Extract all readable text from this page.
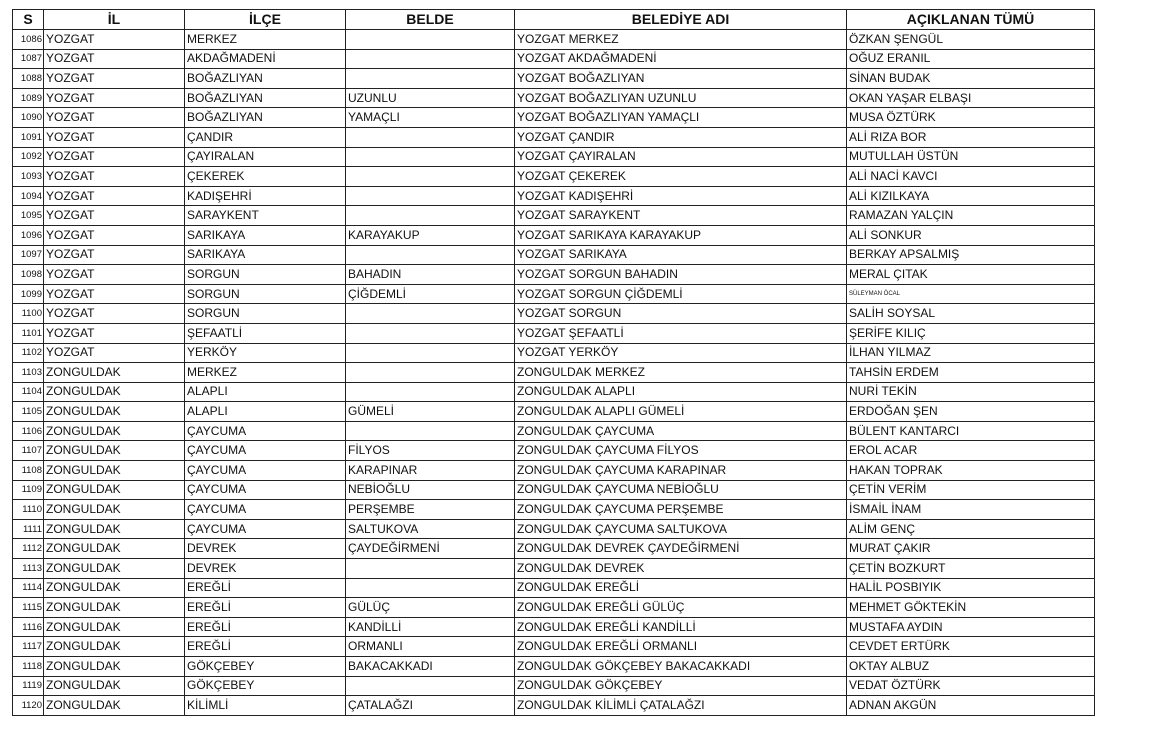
S	İL	İLÇE	BELDE	BELEDİYE ADI	AÇIKLANAN TÜMÜ
1086	YOZGAT	MERKEZ		YOZGAT MERKEZ	ÖZKAN ŞENGÜL
1087	YOZGAT	AKDAĞMADENİ		YOZGAT AKDAĞMADENİ	OĞUZ ERANIL
1088	YOZGAT	BOĞAZLIYAN		YOZGAT BOĞAZLIYAN	SİNAN BUDAK
1089	YOZGAT	BOĞAZLIYAN	UZUNLU	YOZGAT BOĞAZLIYAN UZUNLU	OKAN YAŞAR ELBAŞI
1090	YOZGAT	BOĞAZLIYAN	YAMAÇLI	YOZGAT BOĞAZLIYAN YAMAÇLI	MUSA ÖZTÜRK
1091	YOZGAT	ÇANDIR		YOZGAT ÇANDIR	ALİ RIZA BOR
1092	YOZGAT	ÇAYIRALAN		YOZGAT ÇAYIRALAN	MUTULLAH ÜSTÜN
1093	YOZGAT	ÇEKEREK		YOZGAT ÇEKEREK	ALİ NACİ KAVCI
1094	YOZGAT	KADIŞEHRİ		YOZGAT KADIŞEHRİ	ALİ KIZILKAYA
1095	YOZGAT	SARAYKENT		YOZGAT SARAYKENT	RAMAZAN YALÇIN
1096	YOZGAT	SARIKAYA	KARAYAKUP	YOZGAT SARIKAYA KARAYAKUP	ALİ SONKUR
1097	YOZGAT	SARIKAYA		YOZGAT SARIKAYA	BERKAY APSALMIŞ
1098	YOZGAT	SORGUN	BAHADIN	YOZGAT SORGUN BAHADIN	MERAL ÇITAK
1099	YOZGAT	SORGUN	ÇİĞDEMLİ	YOZGAT SORGUN ÇİĞDEMLİ	SÜLEYMAN ÖCAL
1100	YOZGAT	SORGUN		YOZGAT SORGUN	SALİH SOYSAL
1101	YOZGAT	ŞEFAATLİ		YOZGAT ŞEFAATLİ	ŞERİFE KILIÇ
1102	YOZGAT	YERKÖY		YOZGAT YERKÖY	İLHAN YILMAZ
1103	ZONGULDAK	MERKEZ		ZONGULDAK MERKEZ	TAHSİN ERDEM
1104	ZONGULDAK	ALAPLI		ZONGULDAK ALAPLI	NURİ TEKİN
1105	ZONGULDAK	ALAPLI	GÜMELİ	ZONGULDAK ALAPLI GÜMELİ	ERDOĞAN ŞEN
1106	ZONGULDAK	ÇAYCUMA		ZONGULDAK ÇAYCUMA	BÜLENT KANTARCI
1107	ZONGULDAK	ÇAYCUMA	FİLYOS	ZONGULDAK ÇAYCUMA FİLYOS	EROL ACAR
1108	ZONGULDAK	ÇAYCUMA	KARAPINAR	ZONGULDAK ÇAYCUMA KARAPINAR	HAKAN TOPRAK
1109	ZONGULDAK	ÇAYCUMA	NEBİOĞLU	ZONGULDAK ÇAYCUMA NEBİOĞLU	ÇETİN VERİM
1110	ZONGULDAK	ÇAYCUMA	PERŞEMBE	ZONGULDAK ÇAYCUMA PERŞEMBE	İSMAİL İNAM
1111	ZONGULDAK	ÇAYCUMA	SALTUKOVA	ZONGULDAK ÇAYCUMA SALTUKOVA	ALİM GENÇ
1112	ZONGULDAK	DEVREK	ÇAYDEĞİRMENİ	ZONGULDAK DEVREK ÇAYDEĞİRMENİ	MURAT ÇAKIR
1113	ZONGULDAK	DEVREK		ZONGULDAK DEVREK	ÇETİN BOZKURT
1114	ZONGULDAK	EREĞLİ		ZONGULDAK EREĞLİ	HALİL POSBIYIK
1115	ZONGULDAK	EREĞLİ	GÜLÜÇ	ZONGULDAK EREĞLİ GÜLÜÇ	MEHMET GÖKTEKİN
1116	ZONGULDAK	EREĞLİ	KANDİLLİ	ZONGULDAK EREĞLİ KANDİLLİ	MUSTAFA AYDIN
1117	ZONGULDAK	EREĞLİ	ORMANLI	ZONGULDAK EREĞLİ ORMANLI	CEVDET ERTÜRK
1118	ZONGULDAK	GÖKÇEBEY	BAKACAKKADI	ZONGULDAK GÖKÇEBEY BAKACAKKADI	OKTAY ALBUZ
1119	ZONGULDAK	GÖKÇEBEY		ZONGULDAK GÖKÇEBEY	VEDAT ÖZTÜRK
1120	ZONGULDAK	KİLİMLİ	ÇATALAĞZI	ZONGULDAK KİLİMLİ ÇATALAĞZI	ADNAN AKGÜN
